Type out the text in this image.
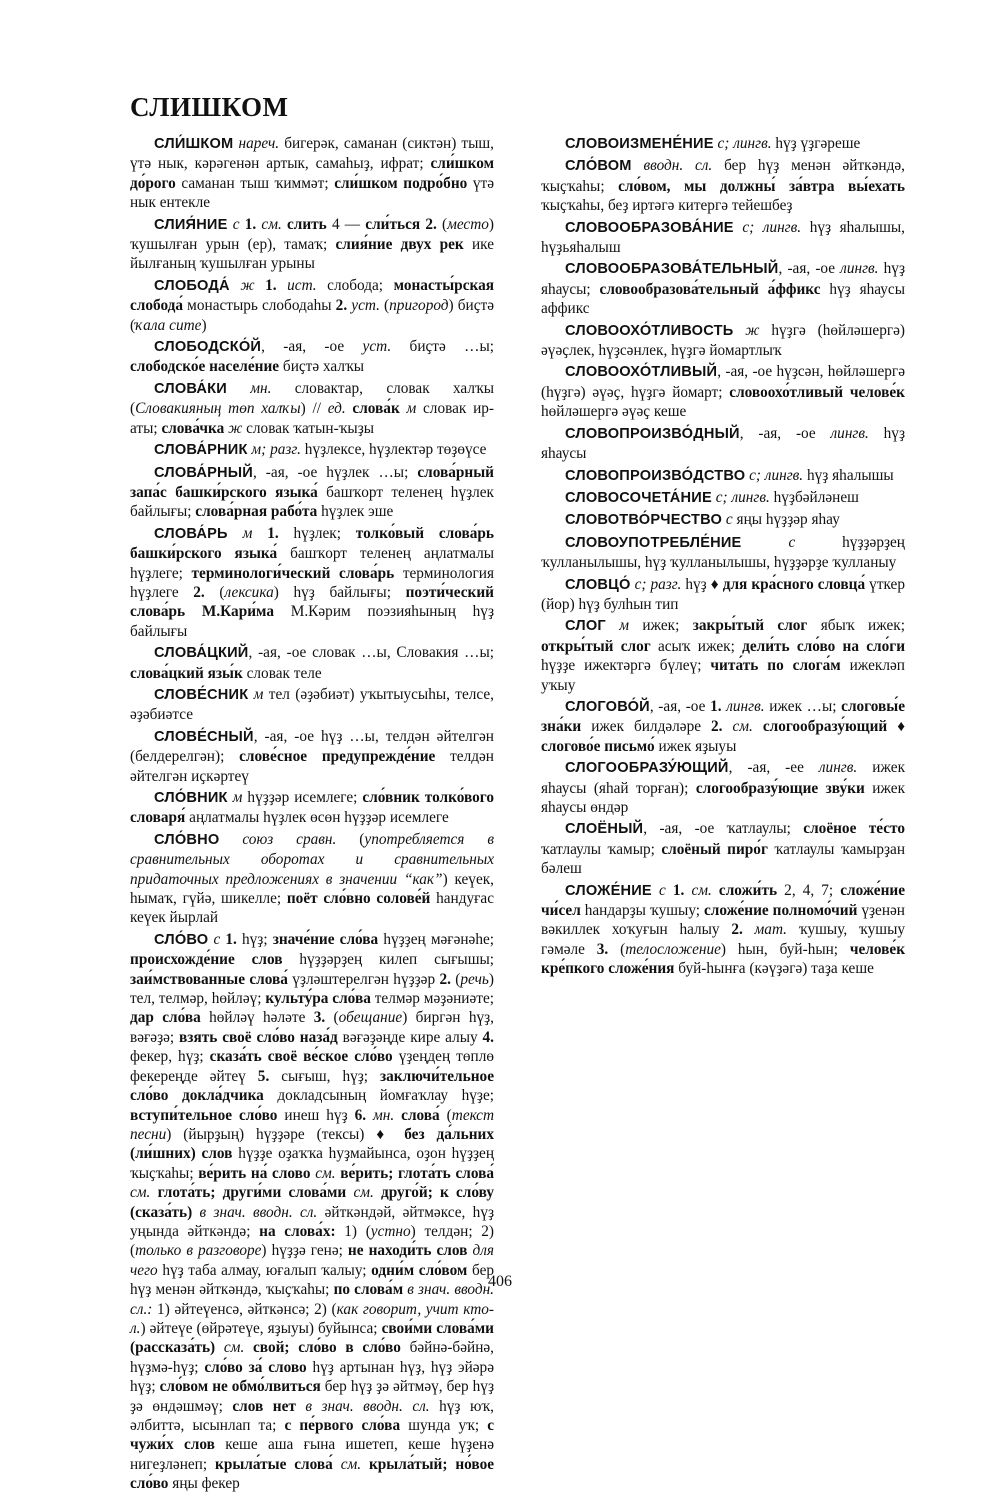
СЛИШКОМ

СЛИ́ШКОМ нареч. бигерәк, саманан (сиктән) тыш, үтә нык, кәрәгенән артык, самаһыҙ, ифрат; сли́шком до́рого саманан тыш ҡиммәт; сли́шком подро́бно үтә нык ентекле

СЛИЯ́НИЕ с 1. см. слить 4 — сли́ться 2. (место) ҡушылған урын (ер), тамаҡ; слия́ние двух рек ике йылғаның ҡушылған урыны

СЛОБОДА́ ж 1. ист. слобода; монасты́рская слобода́ монастырь слободаһы 2. уст. (пригород) биҫтә (ҡала ситe)

СЛОБОДСКО́Й, -ая, -ое уст. биҫтә …ы; слободско́е населе́ние биҫтә халҡы

СЛОВА́КИ мн. словактар, словак халҡы (Словакияның төп халҡы) // ед. слова́к м словак ир-аты; слова́чка ж словак ҡатын-ҡыҙы

СЛОВА́РНИК м; разг. һүҙлексе, һүҙлектәр төҙөүсе

СЛОВА́РНЫЙ, -ая, -ое һүҙлек …ы; слова́рный запа́с башки́рского языка́ башҡорт теленең һүҙлек байлығы; слова́рная рабо́та һүҙлек эше

СЛОВА́РЬ м 1. һүҙлек; толко́вый слова́рь башки́рского языка́ башҡорт теленең аңлатмалы һүҙлеге; терминологи́ческий слова́рь терминология һүҙлеге 2. (лексика) һүҙ байлығы; поэти́ческий слова́рь М.Кари́ма М.Кәрим поэзияһының һүҙ байлығы

СЛОВА́ЦКИЙ, -ая, -ое словак …ы, Словакия …ы; слова́цкий язы́к словак теле

СЛОВЕ́СНИК м тел (әҙәбиәт) уҡытыусыһы, телсе, әҙәбиәтсе

СЛОВЕ́СНЫЙ, -ая, -ое һүҙ …ы, телдән әйтелгән (белдерелгән); слове́сное предупрежде́ние телдән әйтелгән иҫкәртеү

СЛО́ВНИК м һүҙҙәр исемлеге; сло́вник толко́вого словаря́ аңлатмалы һүҙлек өсөн һүҙҙәр исемлеге

СЛО́ВНО союз сравн. (употребляется в сравнительных оборотах и сравнительных придаточных предложениях в значении “как”) кеүек, һымаҡ, гүйә, шикелле; поёт сло́вно солове́й һандуғас кеүек йырлай

СЛО́ВО с 1. һүҙ; значе́ние сло́ва һүҙҙең мәғәнәһе; происхожде́ние слов һүҙҙәрҙең килеп сығышы; заи́мствованные слова́ үҙләштерелгән һүҙҙәр 2. (речь) тел, телмәр, һөйләү; культу́ра сло́ва телмәр мәҙәниәте; дар сло́ва һөйләү һәләте 3. (обещание) биргән һүҙ, вәғәҙә; взять своё сло́во наза́д вәғәҙәңде кире алыу 4. фекер, һүҙ; сказа́ть своё ве́ское сло́во үҙеңдең төплө фекереңде әйтеү 5. сығыш, һүҙ; заключи́тельное сло́во докла́дчика докладсының йомғаҡлау һүҙе; вступи́тельное сло́во инеш һүҙ 6. мн. слова́ (текст песни) (йырҙың) һүҙҙәре (тексы) ♦ без да́льних (ли́шних) слов һүҙҙе оҙаҡҡа һуҙмайынса, оҙон һүҙҙең ҡыҫҡаһы; ве́рить на́ слово см. ве́рить; глота́ть слова́ см. глота́ть; други́ми слова́ми см. друго́й; к сло́ву (сказа́ть) в знач. вводн. сл. әйткәндәй, әйтмәксе, һүҙ уңында әйткәндә; на слова́х: 1) (устно) телдән; 2) (только в разговоре) һүҙҙә генә; не находи́ть слов для чего һүҙ таба алмау, юғалып ҡалыу; одни́м сло́вом бер һүҙ менән әйткәндә, ҡыҫҡаһы; по слова́м в знач. вводн. сл.: 1) әйтеүенсә, әйткәнсә; 2) (как говорит, учит кто-л.) әйтеүе (өйрәтеүе, яҙыуы) буйынса; свои́ми слова́ми (рассказа́ть) см. свой; сло́во в сло́во бәйнә-бәйнә, һүҙмә-һүҙ; сло́во за́ слово һүҙ артынан һүҙ, һүҙ эйәрә һүҙ; сло́вом не обмо́лвиться бер һүҙ ҙә әйтмәү, бер һүҙ ҙә өндәшмәү; слов нет в знач. вводн. сл. һүҙ юҡ, әлбиттә, ысынлап та; с пе́рвого сло́ва шунда уҡ; с чужи́х слов кеше аша ғына ишетеп, кеше һүҙенә нигеҙләнеп; крыла́тые слова́ см. крыла́тый; но́вое сло́во яңы фекер

СЛОВОИЗМЕНЕ́НИЕ с; лингв. һүҙ үҙгәреше

СЛО́ВОМ вводн. сл. бер һүҙ менән әйткәндә, ҡыҫҡаһы; сло́вом, мы должны́ за́втра вы́ехать ҡыҫҡаһы, беҙ иртәгә китергә тейешбеҙ

СЛОВООБРАЗОВА́НИЕ с; лингв. һүҙ яһалышы, һүҙьяһалыш

СЛОВООБРАЗОВА́ТЕЛЬНЫЙ, -ая, -ое лингв. һүҙ яһаусы; словообразова́тельный а́ффикс һүҙ яһаусы аффикс

СЛОВООХО́ТЛИВОСТЬ ж һүҙгә (һөйләшергә) әүәҫлек, һүҙсәнлек, һүҙгә йомартлыҡ

СЛОВООХО́ТЛИВЫЙ, -ая, -ое һүҙсән, һөйләшергә (һүҙгә) әүәҫ, һүҙгә йомарт; словоохо́тливый челове́к һөйләшергә әүәҫ кеше

СЛОВОПРОИЗВО́ДНЫЙ, -ая, -ое лингв. һүҙ яһаусы

СЛОВОПРОИЗВО́ДСТВО с; лингв. һүҙ яһалышы

СЛОВОСОЧЕТА́НИЕ с; лингв. һүҙбәйләнеш

СЛОВОТВО́РЧЕСТВО с яңы һүҙҙәр яһау

СЛОВОУПОТРЕБЛЕ́НИЕ	с һүҙҙәрҙең ҡулланылышы, һүҙ ҡулланылышы, һүҙҙәрҙе ҡулланыу

СЛОВЦО́ с; разг. һүҙ ♦ для кра́сного словца́ үткер (йор) һүҙ булһын тип

СЛОГ м ижек; закры́тый слог ябыҡ ижек; откры́тый слог асыҡ ижек; дели́ть сло́во на сло́ги һүҙҙе ижектәргә бүлеү; чита́ть по слога́м ижекләп уҡыу

СЛОГОВО́Й, -ая, -ое 1. лингв. ижек …ы; слоговы́е зна́ки ижек билдәләре 2. см. слогообразу́ющий ♦ слогово́е письмо́ ижек яҙыуы

СЛОГООБРАЗУ́ЮЩИЙ, -ая, -ее лингв. ижек яһаусы (яһай торған); слогообразу́ющие зву́ки ижек яһаусы өндәр

СЛОЁНЫЙ, -ая, -ое ҡатлаулы; слоёное те́сто ҡатлаулы ҡамыр; слоёный пиро́г ҡатлаулы ҡамырҙан бәлеш

СЛОЖЕ́НИЕ с 1. см. сложи́ть 2, 4, 7; сложе́ние чи́сел һандарҙы ҡушыу; сложе́ние полномо́чий үҙенән вәкиллек хоҡуғын һалыу 2. мат. ҡушыу, ҡушыу гәмәле 3. (телосложение) һын, буй-һын; челове́к кре́пкого сложе́ния буй-һынға (кәүҙәгә) таҙа кеше

406
